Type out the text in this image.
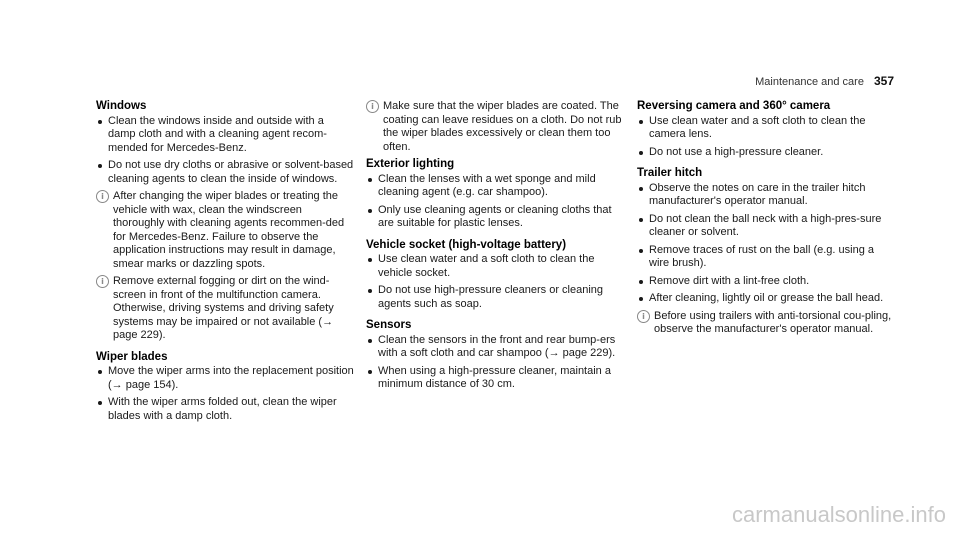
Maintenance and care 357
Windows
Clean the windows inside and outside with a damp cloth and with a cleaning agent recom-mended for Mercedes-Benz.
Do not use dry cloths or abrasive or solvent-based cleaning agents to clean the inside of windows.
i After changing the wiper blades or treating the vehicle with wax, clean the windscreen thoroughly with cleaning agents recommen-ded for Mercedes-Benz. Failure to observe the application instructions may result in damage, smear marks or dazzling spots.
i Remove external fogging or dirt on the wind-screen in front of the multifunction camera. Otherwise, driving systems and driving safety systems may be impaired or not available (→ page 229).
Wiper blades
Move the wiper arms into the replacement position (→ page 154).
With the wiper arms folded out, clean the wiper blades with a damp cloth.
i Make sure that the wiper blades are coated. The coating can leave residues on a cloth. Do not rub the wiper blades excessively or clean them too often.
Exterior lighting
Clean the lenses with a wet sponge and mild cleaning agent (e.g. car shampoo).
Only use cleaning agents or cleaning cloths that are suitable for plastic lenses.
Vehicle socket (high-voltage battery)
Use clean water and a soft cloth to clean the vehicle socket.
Do not use high-pressure cleaners or cleaning agents such as soap.
Sensors
Clean the sensors in the front and rear bump-ers with a soft cloth and car shampoo (→ page 229).
When using a high-pressure cleaner, maintain a minimum distance of 30 cm.
Reversing camera and 360° camera
Use clean water and a soft cloth to clean the camera lens.
Do not use a high-pressure cleaner.
Trailer hitch
Observe the notes on care in the trailer hitch manufacturer's operator manual.
Do not clean the ball neck with a high-pres-sure cleaner or solvent.
Remove traces of rust on the ball (e.g. using a wire brush).
Remove dirt with a lint-free cloth.
After cleaning, lightly oil or grease the ball head.
i Before using trailers with anti-torsional cou-pling, observe the manufacturer's operator manual.
carmanualsonline.info
